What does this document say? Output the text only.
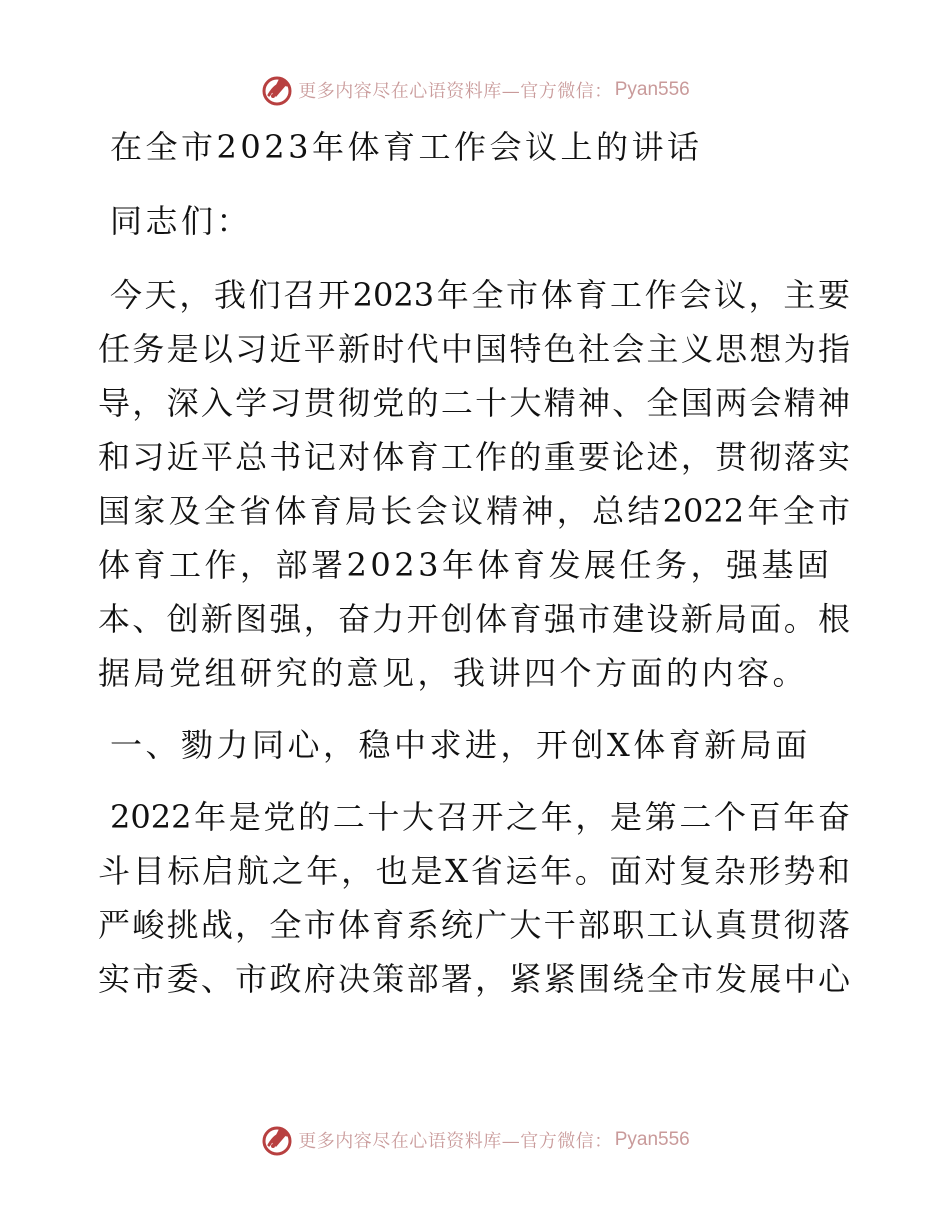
更多内容尽在心语资料库—官方微信： Pyan556
在全市2023年体育工作会议上的讲话
同志们：
今天，我们召开2023年全市体育工作会议，主要
任务是以习近平新时代中国特色社会主义思想为指
导，深入学习贯彻党的二十大精神、全国两会精神
和习近平总书记对体育工作的重要论述，贯彻落实
国家及全省体育局长会议精神，总结2022年全市
体育工作，部署2023年体育发展任务，强基固
本、创新图强，奋力开创体育强市建设新局面。根
据局党组研究的意见，我讲四个方面的内容。
一、勠力同心，稳中求进，开创X体育新局面
2022年是党的二十大召开之年，是第二个百年奋
斗目标启航之年，也是X省运年。面对复杂形势和
严峻挑战，全市体育系统广大干部职工认真贯彻落
实市委、市政府决策部署，紧紧围绕全市发展中心
更多内容尽在心语资料库—官方微信： Pyan556
